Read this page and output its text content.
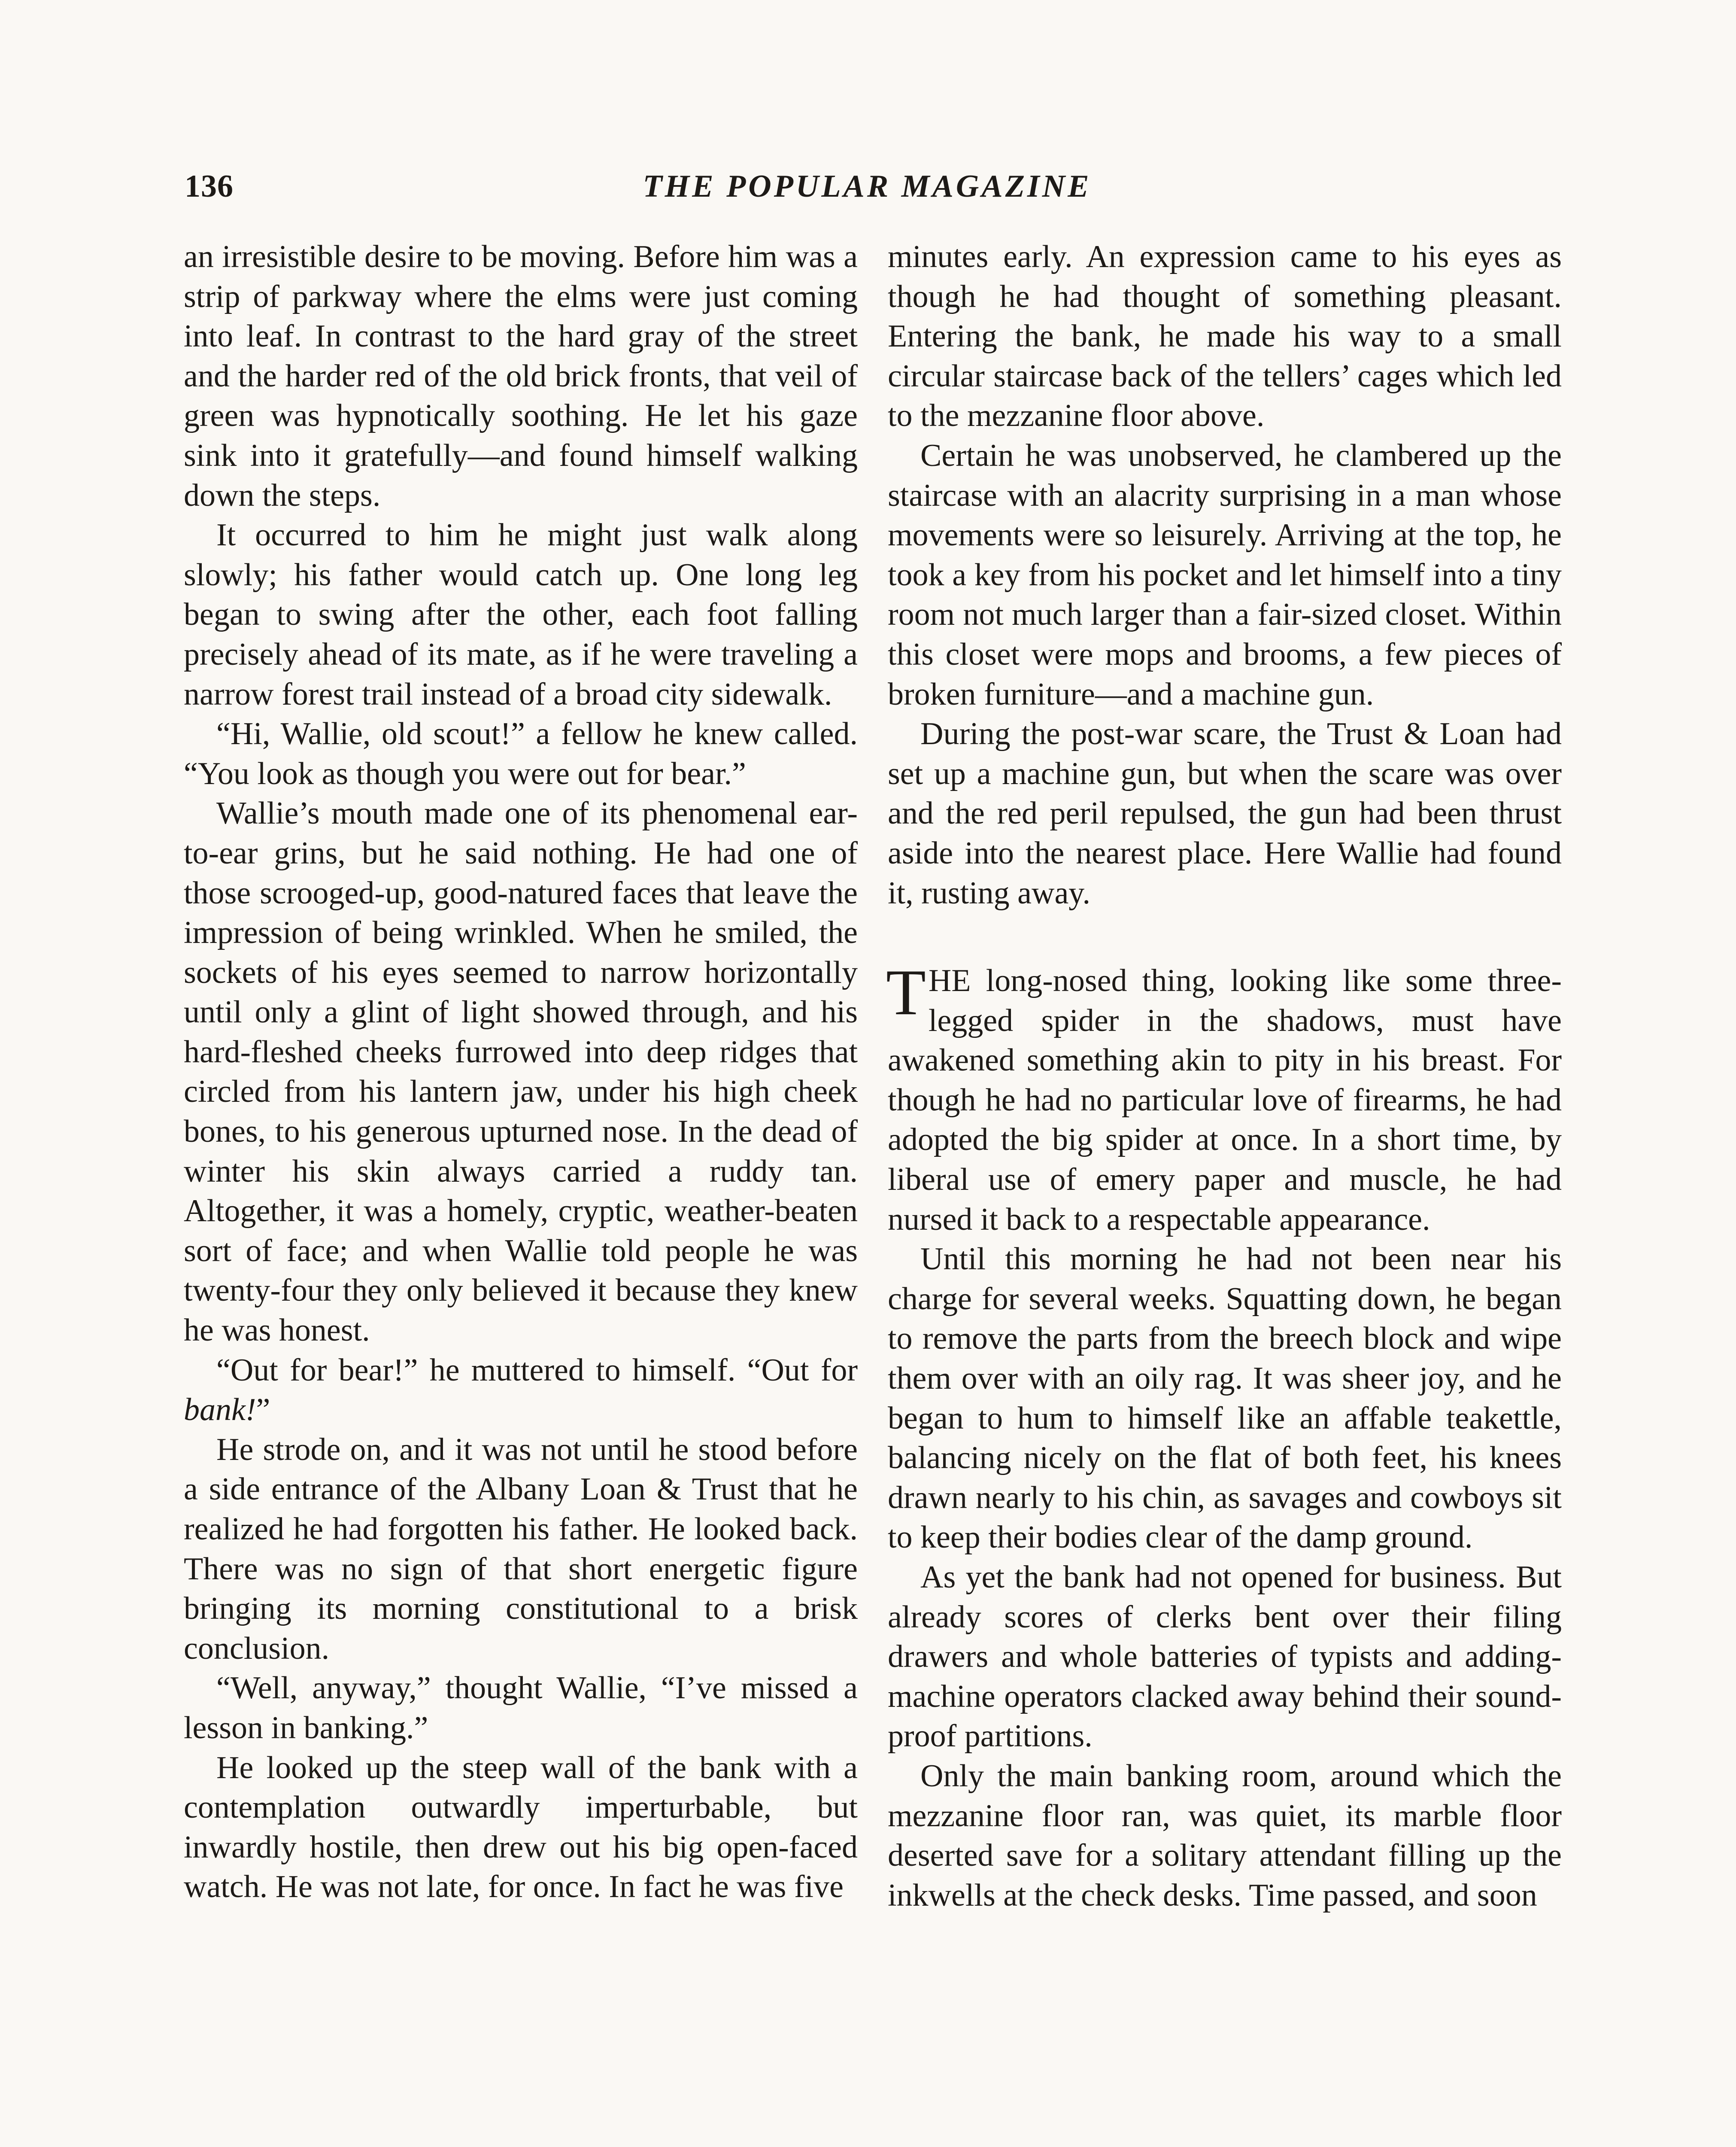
136	THE POPULAR MAGAZINE

an irresistible desire to be moving. Before him was a strip of parkway where the elms were just coming into leaf. In contrast to the hard gray of the street and the harder red of the old brick fronts, that veil of green was hypnotically soothing. He let his gaze sink into it gratefully—and found himself walking down the steps.

It occurred to him he might just walk along slowly; his father would catch up. One long leg began to swing after the other, each foot falling precisely ahead of its mate, as if he were traveling a narrow forest trail instead of a broad city sidewalk.

“Hi, Wallie, old scout!” a fellow he knew called. “You look as though you were out for bear.”

Wallie’s mouth made one of its phenomenal ear-to-ear grins, but he said nothing. He had one of those scrooged-up, good-natured faces that leave the impression of being wrinkled. When he smiled, the sockets of his eyes seemed to narrow horizontally until only a glint of light showed through, and his hard-fleshed cheeks furrowed into deep ridges that circled from his lantern jaw, under his high cheek bones, to his generous upturned nose. In the dead of winter his skin always carried a ruddy tan. Altogether, it was a homely, cryptic, weather-beaten sort of face; and when Wallie told people he was twenty-four they only believed it because they knew he was honest.

“Out for bear!” he muttered to himself. “Out for bank!”

He strode on, and it was not until he stood before a side entrance of the Albany Loan & Trust that he realized he had forgotten his father. He looked back. There was no sign of that short energetic figure bringing its morning constitutional to a brisk conclusion.

“Well, anyway,” thought Wallie, “I’ve missed a lesson in banking.”

He looked up the steep wall of the bank with a contemplation outwardly imperturbable, but inwardly hostile, then drew out his big open-faced watch. He was not late, for once. In fact he was five

minutes early. An expression came to his eyes as though he had thought of something pleasant. Entering the bank, he made his way to a small circular staircase back of the tellers’ cages which led to the mezzanine floor above.

Certain he was unobserved, he clambered up the staircase with an alacrity surprising in a man whose movements were so leisurely. Arriving at the top, he took a key from his pocket and let himself into a tiny room not much larger than a fair-sized closet. Within this closet were mops and brooms, a few pieces of broken furniture—and a machine gun.

During the post-war scare, the Trust & Loan had set up a machine gun, but when the scare was over and the red peril repulsed, the gun had been thrust aside into the nearest place. Here Wallie had found it, rusting away.

THE long-nosed thing, looking like some three-legged spider in the shadows, must have awakened something akin to pity in his breast. For though he had no particular love of firearms, he had adopted the big spider at once. In a short time, by liberal use of emery paper and muscle, he had nursed it back to a respectable appearance.

Until this morning he had not been near his charge for several weeks. Squatting down, he began to remove the parts from the breech block and wipe them over with an oily rag. It was sheer joy, and he began to hum to himself like an affable teakettle, balancing nicely on the flat of both feet, his knees drawn nearly to his chin, as savages and cowboys sit to keep their bodies clear of the damp ground.

As yet the bank had not opened for business. But already scores of clerks bent over their filing drawers and whole batteries of typists and adding-machine operators clacked away behind their sound-proof partitions.

Only the main banking room, around which the mezzanine floor ran, was quiet, its marble floor deserted save for a solitary attendant filling up the inkwells at the check desks. Time passed, and soon
